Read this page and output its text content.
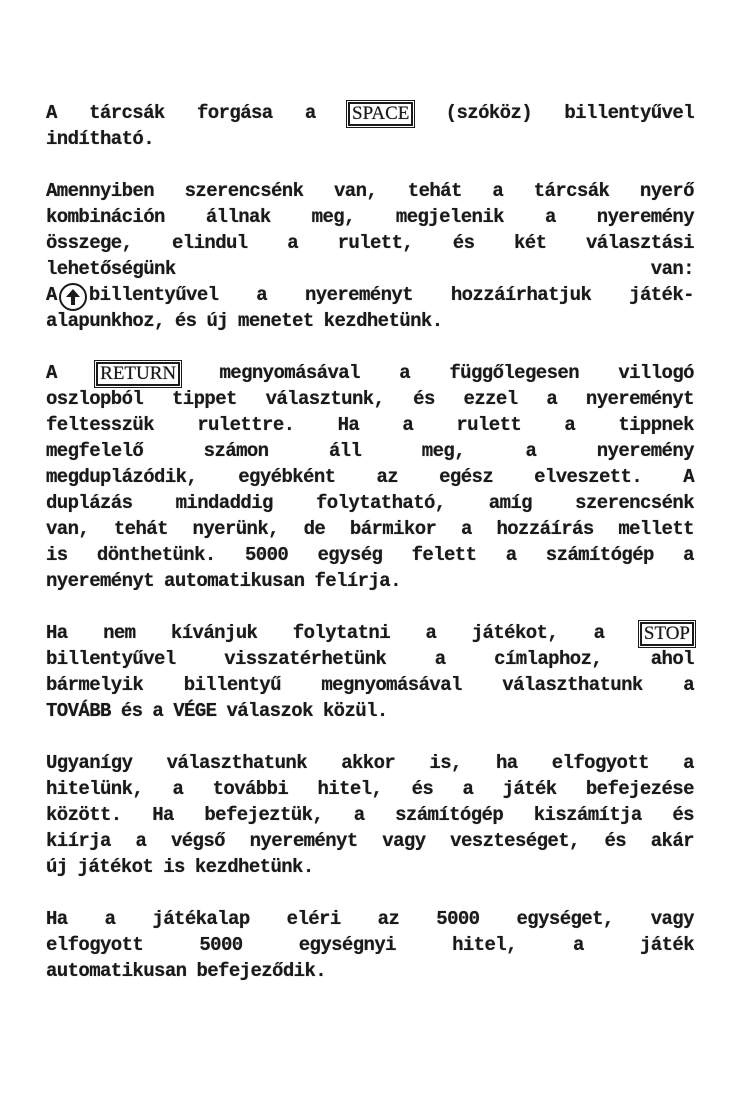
A tárcsák forgása a SPACE (szóköz) billentyűvel
indítható.
Amennyiben szerencsénk van, tehát a tárcsák nyerő
kombináción állnak meg, megjelenik a nyeremény
összege, elindul a rulett, és két választási
lehetőségünk	van:
A billentyűvel a nyereményt hozzáírhatjuk játék-
alapunkhoz, és új menetet kezdhetünk.
A RETURN megnyomásával a függőlegesen villogó
oszlopból tippet választunk, és ezzel a nyereményt
feltesszük rulettre. Ha a rulett a tippnek
megfelelő	számon	áll	meg,	a	nyeremény
megduplázódik, egyébként az egész elveszett. A
duplázás mindaddig folytatható, amíg szerencsénk
van, tehát nyerünk, de bármikor a hozzáírás mellett
is dönthetünk. 5000 egység felett a számítógép a
nyereményt automatikusan felírja.
Ha nem kívánjuk folytatni a játékot, a STOP
billentyűvel	visszatérhetünk	a	címlaphoz,	ahol
bármelyik billentyű megnyomásával választhatunk a
TOVÁBB és a VÉGE válaszok közül.
Ugyanígy választhatunk akkor is, ha elfogyott a
hitelünk, a további hitel, és a játék befejezése
között. Ha befejeztük, a számítógép kiszámítja és
kiírja a végső nyereményt vagy veszteséget, és akár
új játékot is kezdhetünk.
Ha a játékalap eléri az 5000 egységet, vagy
elfogyott	5000	egységnyi	hitel,	a	játék
automatikusan befejeződik.
